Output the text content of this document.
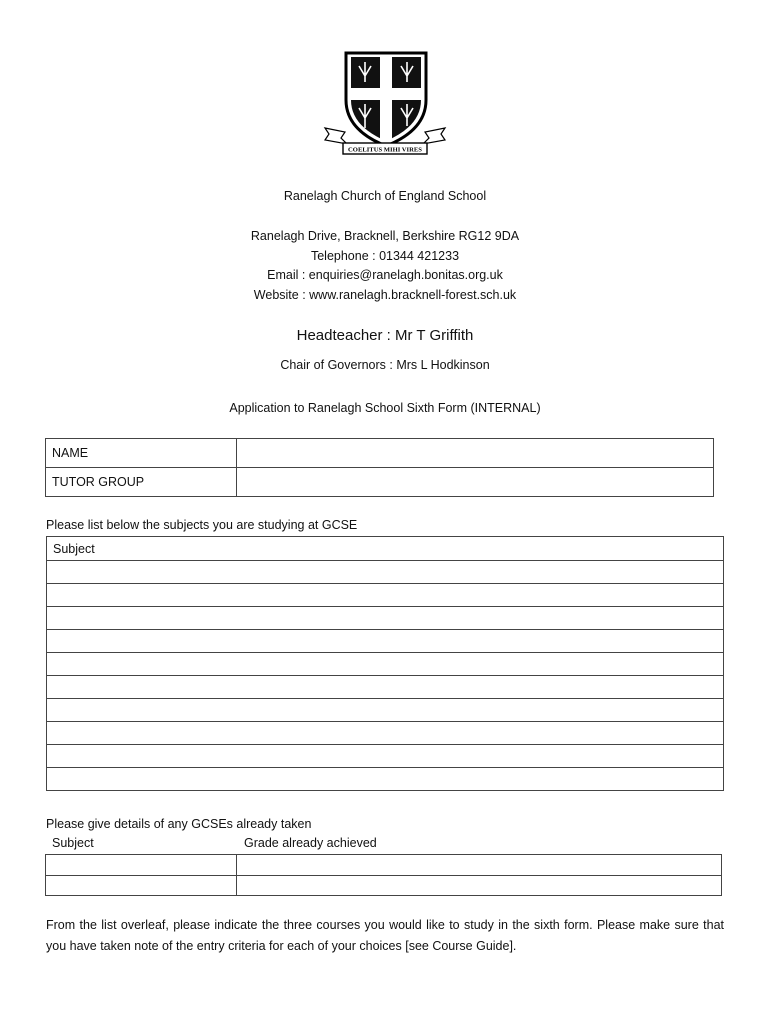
COELITUS MIHI VIRES
Ranelagh Church of England School
Ranelagh Drive, Bracknell, Berkshire RG12 9DA
Telephone : 01344 421233
Email : enquiries@ranelagh.bonitas.org.uk
Website : www.ranelagh.bracknell-forest.sch.uk
Headteacher : Mr T Griffith
Chair of Governors : Mrs L Hodkinson
Application to Ranelagh School Sixth Form (INTERNAL)
NAME	
TUTOR GROUP	
Please list below the subjects you are studying at GCSE
Subject

Please give details of any GCSEs already taken
Subject	Grade already achieved

From the list overleaf, please indicate the three courses you would like to study in the sixth form. Please make sure that you have taken note of the entry criteria for each of your choices [see Course Guide].
